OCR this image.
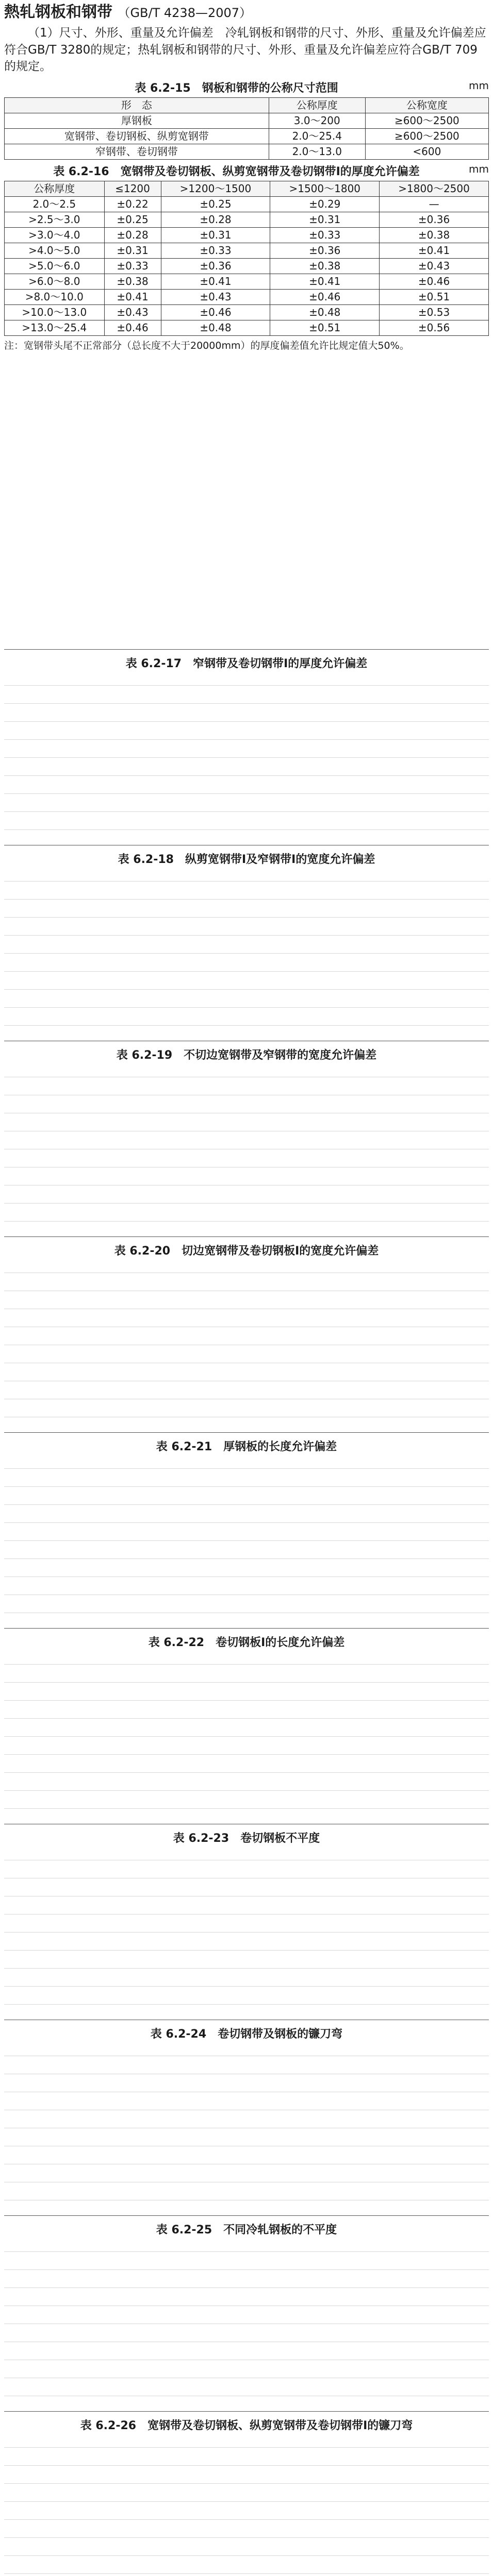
熱轧钢板和钢带 （GB/T 4238—2007）

（1）尺寸、外形、重量及允许偏差　冷轧钢板和钢带的尺寸、外形、重量及允许偏差应符合GB/T 3280的规定；热轧钢板和钢带的尺寸、外形、重量及允许偏差应符合GB/T 709的规定。

表 6.2-15　钢板和钢带的公称尺寸范围	mm
形　态	公称厚度	公称宽度
厚钢板	3.0～200	≥600～2500
宽钢带、卷切钢板、纵剪宽钢带	2.0～25.4	≥600～2500
窄钢带、卷切钢带	2.0～13.0	<600
表 6.2-16　宽钢带及卷切钢板、纵剪宽钢带及卷切钢带Ⅰ的厚度允许偏差	mm
公称厚度	≤1200	>1200～1500	>1500～1800	>1800～2500
2.0～2.5	±0.22	±0.25	±0.29	—
>2.5～3.0	±0.25	±0.28	±0.31	±0.36
>3.0～4.0	±0.28	±0.31	±0.33	±0.38
>4.0～5.0	±0.31	±0.33	±0.36	±0.41
>5.0～6.0	±0.33	±0.36	±0.38	±0.43
>6.0～8.0	±0.38	±0.41	±0.41	±0.46
>8.0～10.0	±0.41	±0.43	±0.46	±0.51
>10.0～13.0	±0.43	±0.46	±0.48	±0.53
>13.0～25.4	±0.46	±0.48	±0.51	±0.56
注：宽钢带头尾不正常部分（总长度不大于20000mm）的厚度偏差值允许比规定值大50%。
表 6.2-17　窄钢带及卷切钢带Ⅰ的厚度允许偏差
表 6.2-18　纵剪宽钢带Ⅰ及窄钢带Ⅰ的宽度允许偏差
表 6.2-19　不切边宽钢带及窄钢带的宽度允许偏差
表 6.2-20　切边宽钢带及卷切钢板Ⅰ的宽度允许偏差
表 6.2-21　厚钢板的长度允许偏差
表 6.2-22　卷切钢板Ⅰ的长度允许偏差
表 6.2-23　卷切钢板不平度
表 6.2-24　卷切钢带及钢板的镰刀弯
表 6.2-25　不同冷轧钢板的不平度
表 6.2-26　宽钢带及卷切钢板、纵剪宽钢带及卷切钢带Ⅰ的镰刀弯
